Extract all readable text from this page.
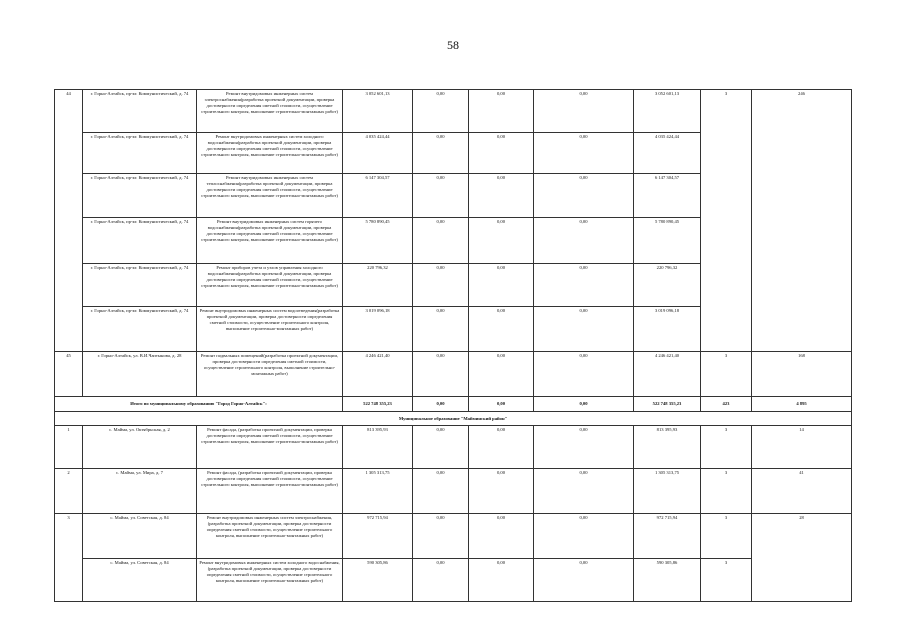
58
44	г. Горно-Алтайск, пр-кт. Коммунистический, д. 74	Ремонт внутридомовых инженерных систем электроснабжения(разработка проектной документации, проверка достоверности определения сметной стоимости, осуществление строительного контроля, выполнение строительно-монтажных работ)	3 052 601,13	0,00	0,00	0,00	3 052 601,13	3	246
	г. Горно-Алтайск, пр-кт. Коммунистический, д. 74	Ремонт внутридомовых инженерных систем холодного водоснабжения(разработка проектной документации, проверка достоверности определения сметной стоимости, осуществление строительного контроля, выполнение строительно-монтажных работ)	4 035 424,44	0,00	0,00	0,00	4 035 424,44		
	г. Горно-Алтайск, пр-кт. Коммунистический, д. 74	Ремонт внутридомовых инженерных систем теплоснабжения(разработка проектной документации, проверка достоверности определения сметной стоимости, осуществление строительного контроля, выполнение строительно-монтажных работ)	6 147 304,57	0,00	0,00	0,00	6 147 304,57		
	г. Горно-Алтайск, пр-кт. Коммунистический, д. 74	Ремонт внутридомовых инженерных систем горячего водоснабжения(разработка проектной документации, проверка достоверности определения сметной стоимости, осуществление строительного контроля, выполнение строительно-монтажных работ)	5 780 890,45	0,00	0,00	0,00	5 780 890,45		
	г. Горно-Алтайск, пр-кт. Коммунистический, д. 74	Ремонт приборов учета и узлов управления холодного водоснабжения(разработка проектной документации, проверка достоверности определения сметной стоимости, осуществление строительного контроля, выполнение строительно-монтажных работ)	220 796,32	0,00	0,00	0,00	220 796,32		
	г. Горно-Алтайск, пр-кт. Коммунистический, д. 74	Ремонт внутридомовых инженерных систем водоотведения(разработка проектной документации, проверка достоверности определения сметной стоимости, осуществление строительного контроля, выполнение строительно-монтажных работ)	3 019 096,18	0,00	0,00	0,00	3 019 096,18		
45	г. Горно-Алтайск, ул. В.И.Чаптынова, д. 28	Ремонт подвальных помещений(разработка проектной документации, проверка достоверности определения сметной стоимости, осуществление строительного контроля, выполнение строительно-монтажных работ)	4 246 421,40	0,00	0,00	0,00	4 246 421,40	3	168
Итого по муниципальному образованию "Город Горно-Алтайск":			522 748 355,23	0,00	0,00	0,00	522 748 355,23	423	4 895
Муниципальное образование "Майминский район"									
1	с. Майма, ул. Октябрьская, д. 2	Ремонт фасада, (разработка проектной документации, проверка достоверности определения сметной стоимости, осуществление строительного контроля, выполнение строительно-монтажных работ)	813 395,93	0,00	0,00	0,00	813 395,93	3	14
2	с. Майма, ул. Мира, д. 7	Ремонт фасада, (разработка проектной документации, проверка достоверности определения сметной стоимости, осуществление строительного контроля, выполнение строительно-монтажных работ)	1 305 313,75	0,00	0,00	0,00	1 305 313,75	3	41
3	с. Майма, ул. Советская, д. 84	Ремонт внутридомовых инженерных систем электроснабжения, (разработка проектной документации, проверка достоверности определения сметной стоимости, осуществление строительного контроля, выполнение строительно-монтажных работ)	972 715,94	0,00	0,00	0,00	972 715,94	3	28
	с. Майма, ул. Советская, д. 84	Ремонт внутридомовых инженерных систем холодного водоснабжения, (разработка проектной документации, проверка достоверности определения сметной стоимости, осуществление строительного контроля, выполнение строительно-монтажных работ)	590 305,86	0,00	0,00	0,00	590 305,86	3	
